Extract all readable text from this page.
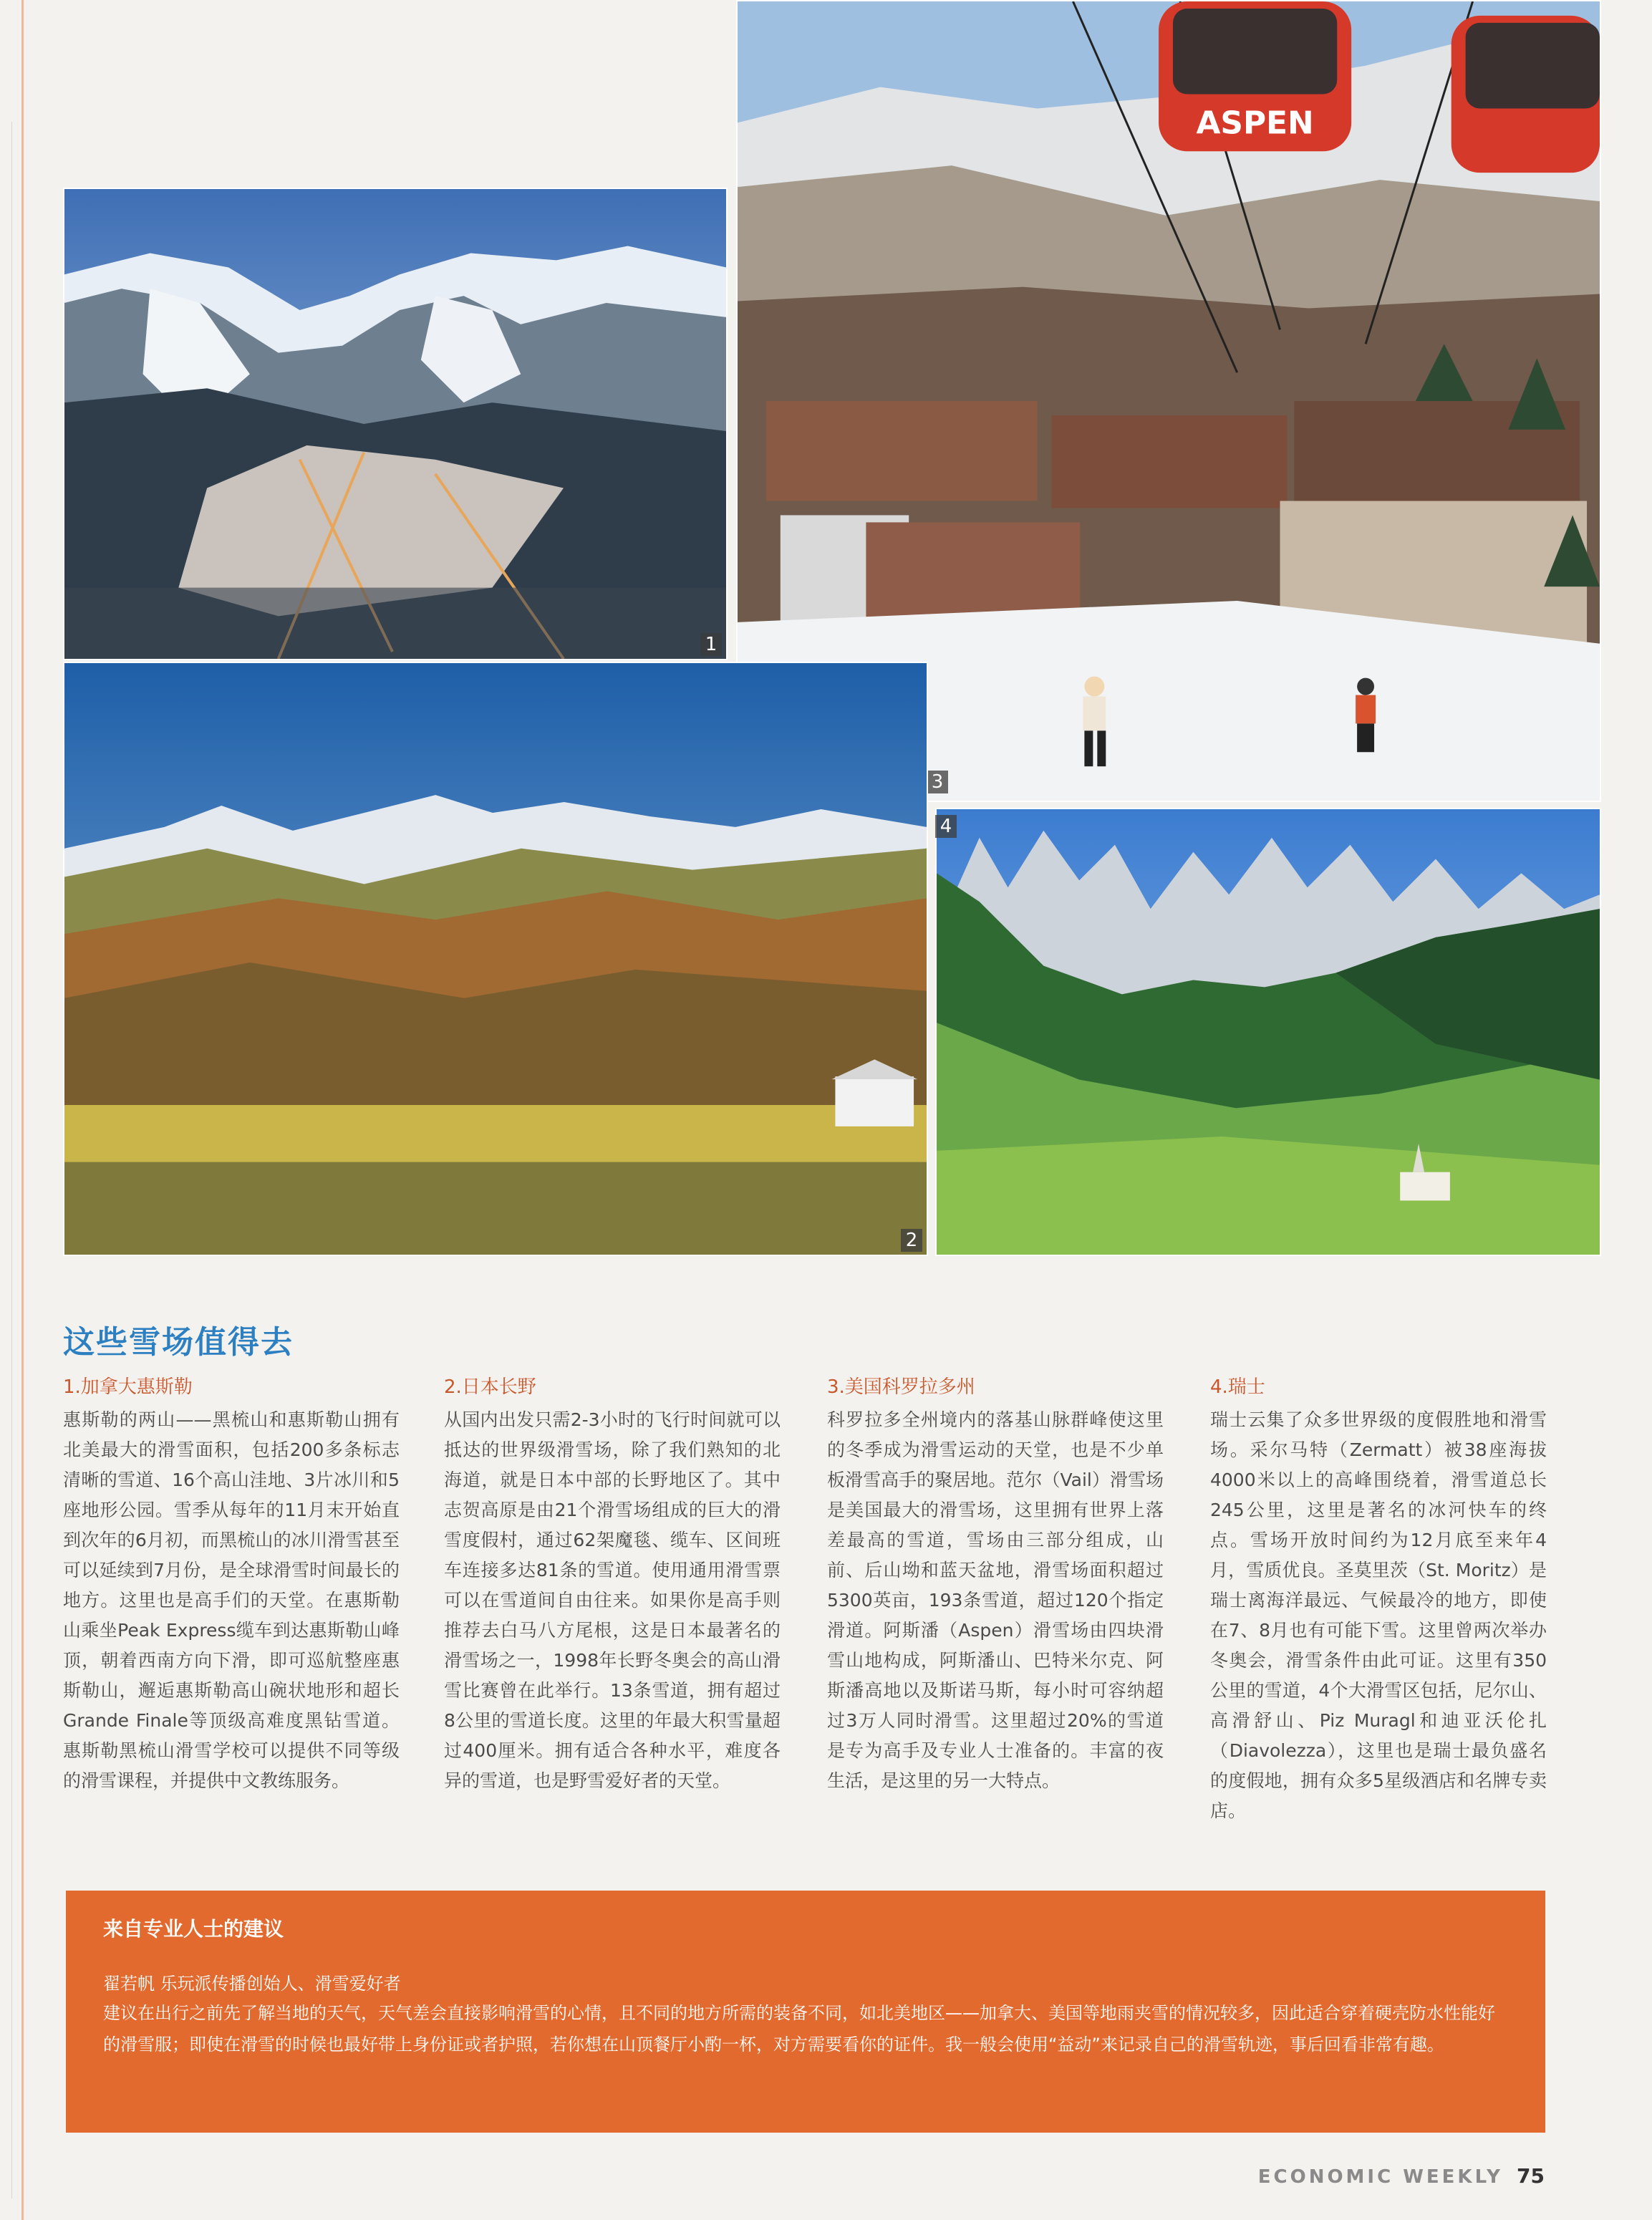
1
ASPEN
3
2
4
这些雪场值得去

1.加拿大惠斯勒

惠斯勒的两山——黑梳山和惠斯勒山拥有北美最大的滑雪面积，包括200多条标志清晰的雪道、16个高山洼地、3片冰川和5座地形公园。雪季从每年的11月末开始直到次年的6月初，而黑梳山的冰川滑雪甚至可以延续到7月份，是全球滑雪时间最长的地方。这里也是高手们的天堂。在惠斯勒山乘坐Peak Express缆车到达惠斯勒山峰顶，朝着西南方向下滑，即可巡航整座惠斯勒山，邂逅惠斯勒高山碗状地形和超长Grande Finale等顶级高难度黑钻雪道。惠斯勒黑梳山滑雪学校可以提供不同等级的滑雪课程，并提供中文教练服务。

2.日本长野

从国内出发只需2-3小时的飞行时间就可以抵达的世界级滑雪场，除了我们熟知的北海道，就是日本中部的长野地区了。其中志贺高原是由21个滑雪场组成的巨大的滑雪度假村，通过62架魔毯、缆车、区间班车连接多达81条的雪道。使用通用滑雪票可以在雪道间自由往来。如果你是高手则推荐去白马八方尾根，这是日本最著名的滑雪场之一，1998年长野冬奥会的高山滑雪比赛曾在此举行。13条雪道，拥有超过8公里的雪道长度。这里的年最大积雪量超过400厘米。拥有适合各种水平，难度各异的雪道，也是野雪爱好者的天堂。

3.美国科罗拉多州

科罗拉多全州境内的落基山脉群峰使这里的冬季成为滑雪运动的天堂，也是不少单板滑雪高手的聚居地。范尔（Vail）滑雪场是美国最大的滑雪场，这里拥有世界上落差最高的雪道，雪场由三部分组成，山前、后山坳和蓝天盆地，滑雪场面积超过5300英亩，193条雪道，超过120个指定滑道。阿斯潘（Aspen）滑雪场由四块滑雪山地构成，阿斯潘山、巴特米尔克、阿斯潘高地以及斯诺马斯，每小时可容纳超过3万人同时滑雪。这里超过20%的雪道是专为高手及专业人士准备的。丰富的夜生活，是这里的另一大特点。

4.瑞士

瑞士云集了众多世界级的度假胜地和滑雪场。采尔马特（Zermatt）被38座海拔4000米以上的高峰围绕着，滑雪道总长245公里，这里是著名的冰河快车的终点。雪场开放时间约为12月底至来年4月，雪质优良。圣莫里茨（St. Moritz）是瑞士离海洋最远、气候最冷的地方，即使在7、8月也有可能下雪。这里曾两次举办冬奥会，滑雪条件由此可证。这里有350公里的雪道，4个大滑雪区包括，尼尔山、高滑舒山、Piz Muragl和迪亚沃伦扎（Diavolezza），这里也是瑞士最负盛名的度假地，拥有众多5星级酒店和名牌专卖店。

来自专业人士的建议

翟若帆 乐玩派传播创始人、滑雪爱好者

建议在出行之前先了解当地的天气，天气差会直接影响滑雪的心情，且不同的地方所需的装备不同，如北美地区——加拿大、美国等地雨夹雪的情况较多，因此适合穿着硬壳防水性能好的滑雪服；即使在滑雪的时候也最好带上身份证或者护照，若你想在山顶餐厅小酌一杯，对方需要看你的证件。我一般会使用“益动”来记录自己的滑雪轨迹，事后回看非常有趣。

ECONOMIC WEEKLY 75
